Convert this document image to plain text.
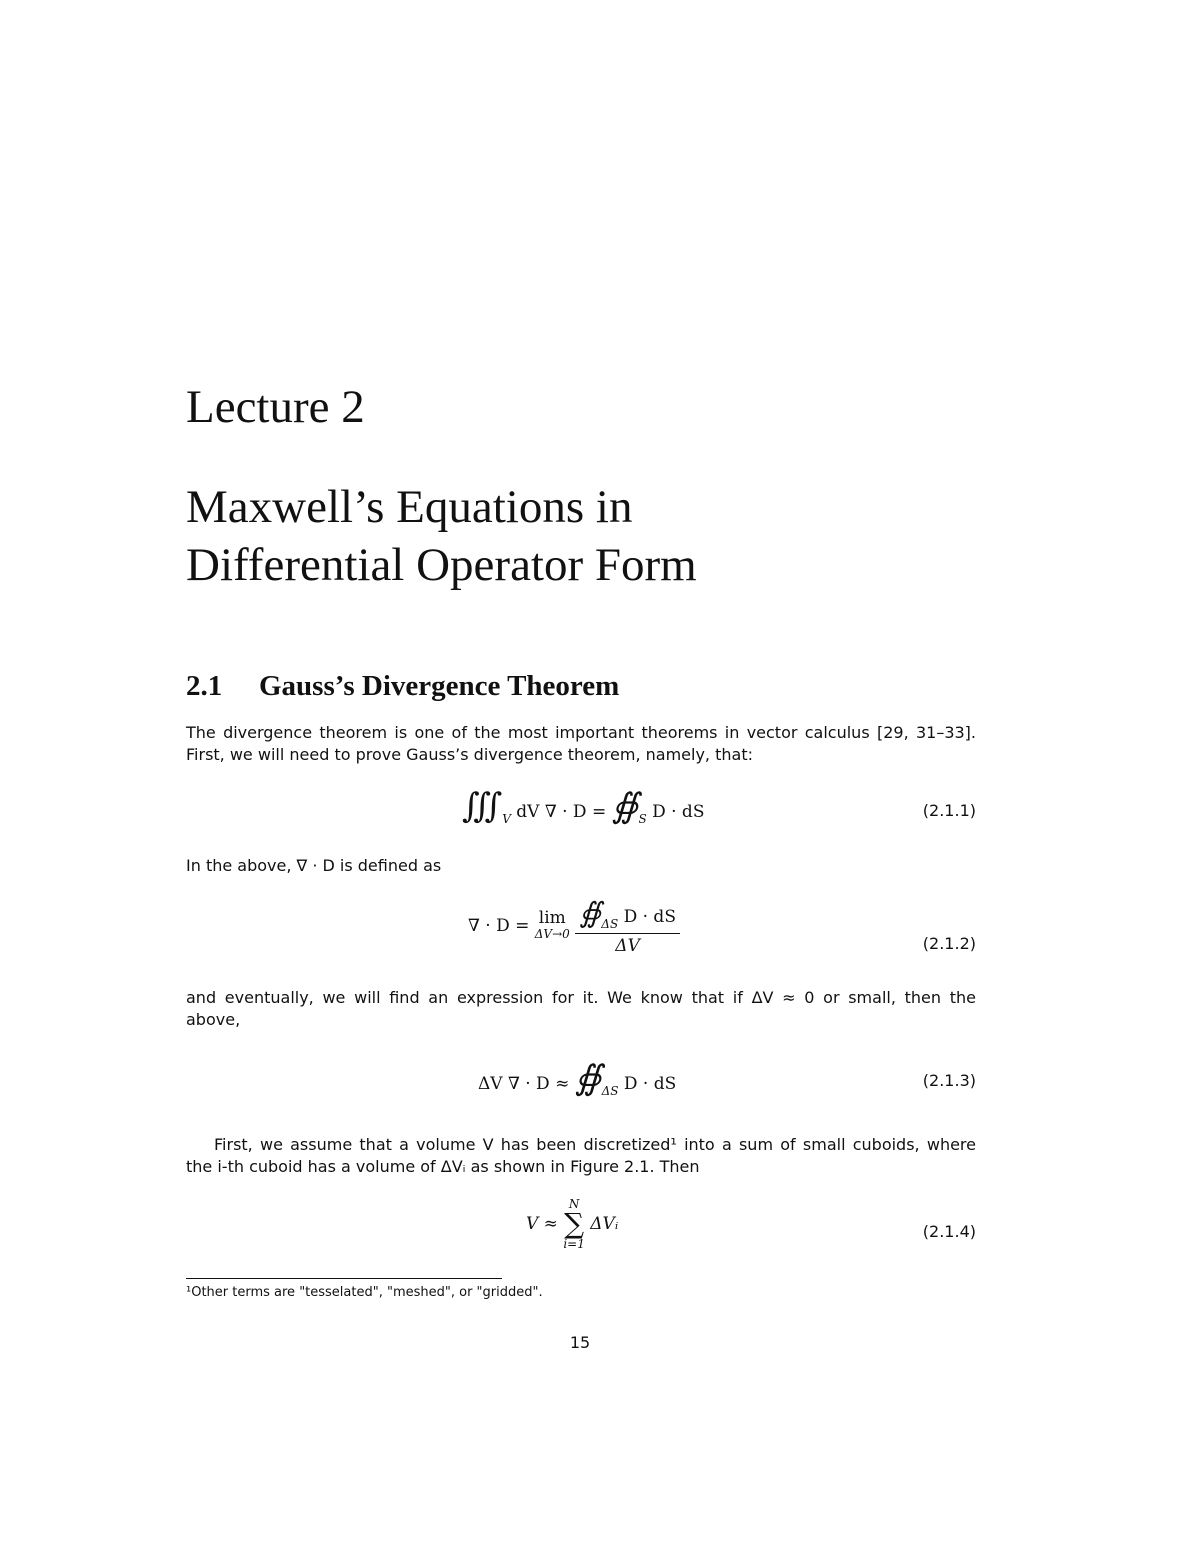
Lecture 2
Maxwell’s Equations in
Differential Operator Form
2.1 Gauss’s Divergence Theorem
The divergence theorem is one of the most important theorems in vector calculus [29, 31–33].
First, we will need to prove Gauss’s divergence theorem, namely, that:
$∭_V$ dV ∇ · $D = ∯_S$ D · dS	(2.1.1)
In the above, ∇ · D is defined as
∇ · D = lim
ΔV→0
$\frac{∯_{\Delta S} D \cdot dS}{\Delta V}$	(2.1.2)
and eventually, we will find an expression for it. We know that if ΔV ≈ 0 or small, then the
above,
ΔV ∇ · $D \approx ∯_{\Delta S}$ D · dS	(2.1.3)
First, we assume that a volume V has been discretized¹ into a sum of small cuboids, where
the i-th cuboid has a volume of ΔVᵢ as shown in Figure 2.1. Then
V ≈
N
∑
i=1
ΔVᵢ	(2.1.4)
¹Other terms are "tesselated", "meshed", or "gridded".
15
